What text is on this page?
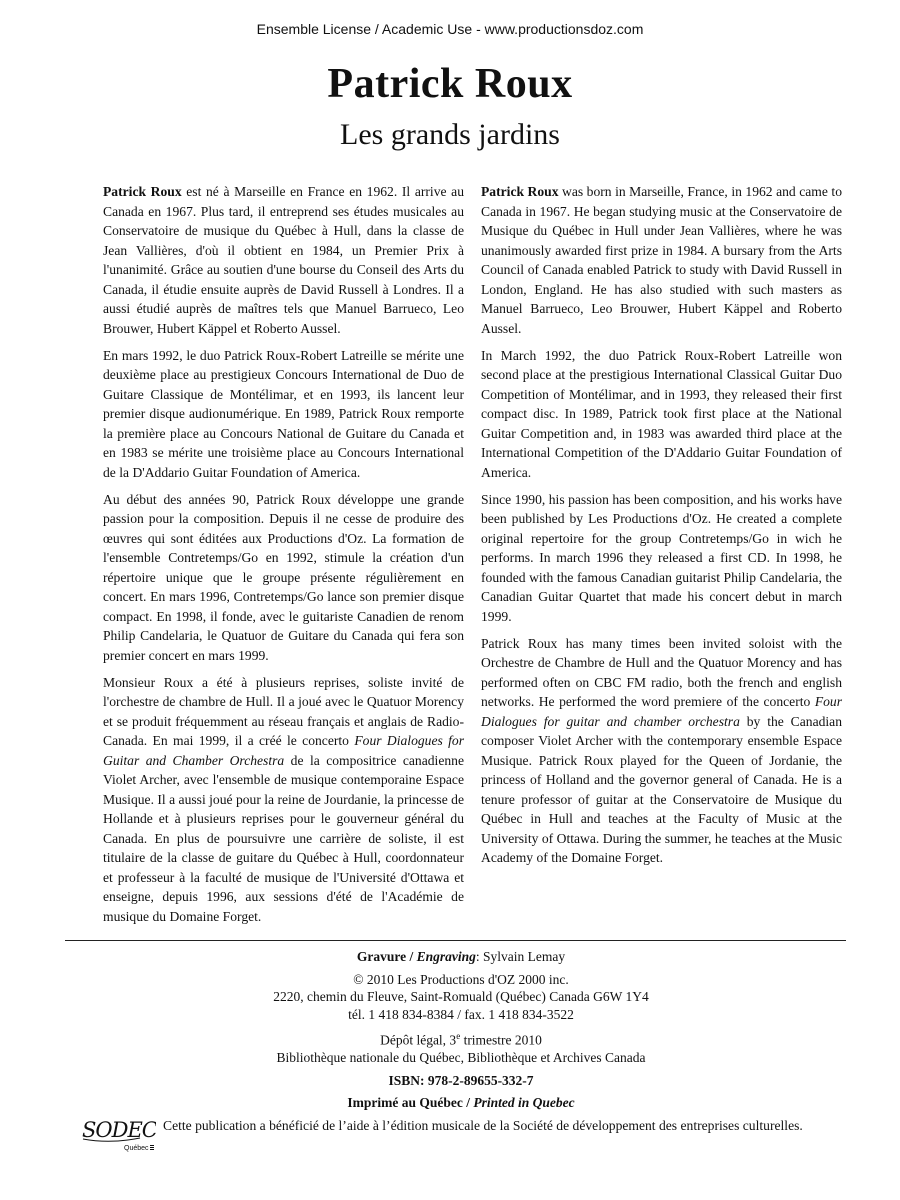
Ensemble License / Academic Use - www.productionsdoz.com
Patrick Roux
Les grands jardins

Patrick Roux est né à Marseille en France en 1962. Il arrive au Canada en 1967. Plus tard, il entreprend ses études musicales au Conservatoire de musique du Québec à Hull, dans la classe de Jean Vallières, d'où il obtient en 1984, un Premier Prix à l'unanimité. Grâce au soutien d'une bourse du Conseil des Arts du Canada, il étudie ensuite auprès de David Russell à Londres. Il a aussi étudié auprès de maîtres tels que Manuel Barrueco, Leo Brouwer, Hubert Käppel et Roberto Aussel.

En mars 1992, le duo Patrick Roux-Robert Latreille se mérite une deuxième place au prestigieux Concours International de Duo de Guitare Classique de Montélimar, et en 1993, ils lancent leur premier disque audionumérique. En 1989, Patrick Roux remporte la première place au Concours National de Guitare du Canada et en 1983 se mérite une troisième place au Concours International de la D'Addario Guitar Foundation of America.

Au début des années 90, Patrick Roux développe une grande passion pour la composition. Depuis il ne cesse de produire des œuvres qui sont éditées aux Productions d'Oz. La formation de l'ensemble Contretemps/Go en 1992, stimule la création d'un répertoire unique que le groupe présente régulièrement en concert. En mars 1996, Contretemps/Go lance son premier disque compact. En 1998, il fonde, avec le guitariste Canadien de renom Philip Candelaria, le Quatuor de Guitare du Canada qui fera son premier concert en mars 1999.

Monsieur Roux a été à plusieurs reprises, soliste invité de l'orchestre de chambre de Hull. Il a joué avec le Quatuor Morency et se produit fréquemment au réseau français et anglais de Radio-Canada. En mai 1999, il a créé le concerto Four Dialogues for Guitar and Chamber Orchestra de la compositrice canadienne Violet Archer, avec l'ensemble de musique contemporaine Espace Musique. Il a aussi joué pour la reine de Jourdanie, la princesse de Hollande et à plusieurs reprises pour le gouverneur général du Canada. En plus de poursuivre une carrière de soliste, il est titulaire de la classe de guitare du Québec à Hull, coordonnateur et professeur à la faculté de musique de l'Université d'Ottawa et enseigne, depuis 1996, aux sessions d'été de l'Académie de musique du Domaine Forget.

Patrick Roux was born in Marseille, France, in 1962 and came to Canada in 1967. He began studying music at the Conservatoire de Musique du Québec in Hull under Jean Vallières, where he was unanimously awarded first prize in 1984. A bursary from the Arts Council of Canada enabled Patrick to study with David Russell in London, England. He has also studied with such masters as Manuel Barrueco, Leo Brouwer, Hubert Käppel and Roberto Aussel.

In March 1992, the duo Patrick Roux-Robert Latreille won second place at the prestigious International Classical Guitar Duo Competition of Montélimar, and in 1993, they released their first compact disc. In 1989, Patrick took first place at the National Guitar Competition and, in 1983 was awarded third place at the International Competition of the D'Addario Guitar Foundation of America.

Since 1990, his passion has been composition, and his works have been published by Les Productions d'Oz. He created a complete original repertoire for the group Contretemps/Go in wich he performs. In march 1996 they released a first CD. In 1998, he founded with the famous Canadian guitarist Philip Candelaria, the Canadian Guitar Quartet that made his concert debut in march 1999.

Patrick Roux has many times been invited soloist with the Orchestre de Chambre de Hull and the Quatuor Morency and has performed often on CBC FM radio, both the french and english networks. He performed the word premiere of the concerto Four Dialogues for guitar and chamber orchestra by the Canadian composer Violet Archer with the contemporary ensemble Espace Musique. Patrick Roux played for the Queen of Jordanie, the princess of Holland and the governor general of Canada. He is a tenure professor of guitar at the Conservatoire de Musique du Québec in Hull and teaches at the Faculty of Music at the University of Ottawa. During the summer, he teaches at the Music Academy of the Domaine Forget.

Gravure / Engraving: Sylvain Lemay
© 2010 Les Productions d'OZ 2000 inc.
2220, chemin du Fleuve, Saint-Romuald (Québec) Canada G6W 1Y4
tél. 1 418 834-8384 / fax. 1 418 834-3522
Dépôt légal, 3e trimestre 2010
Bibliothèque nationale du Québec, Bibliothèque et Archives Canada
ISBN: 978-2-89655-332-7
Imprimé au Québec / Printed in Quebec
SODEC
Québec
Cette publication a bénéficié de l’aide à l’édition musicale de la Société de développement des entreprises culturelles.
